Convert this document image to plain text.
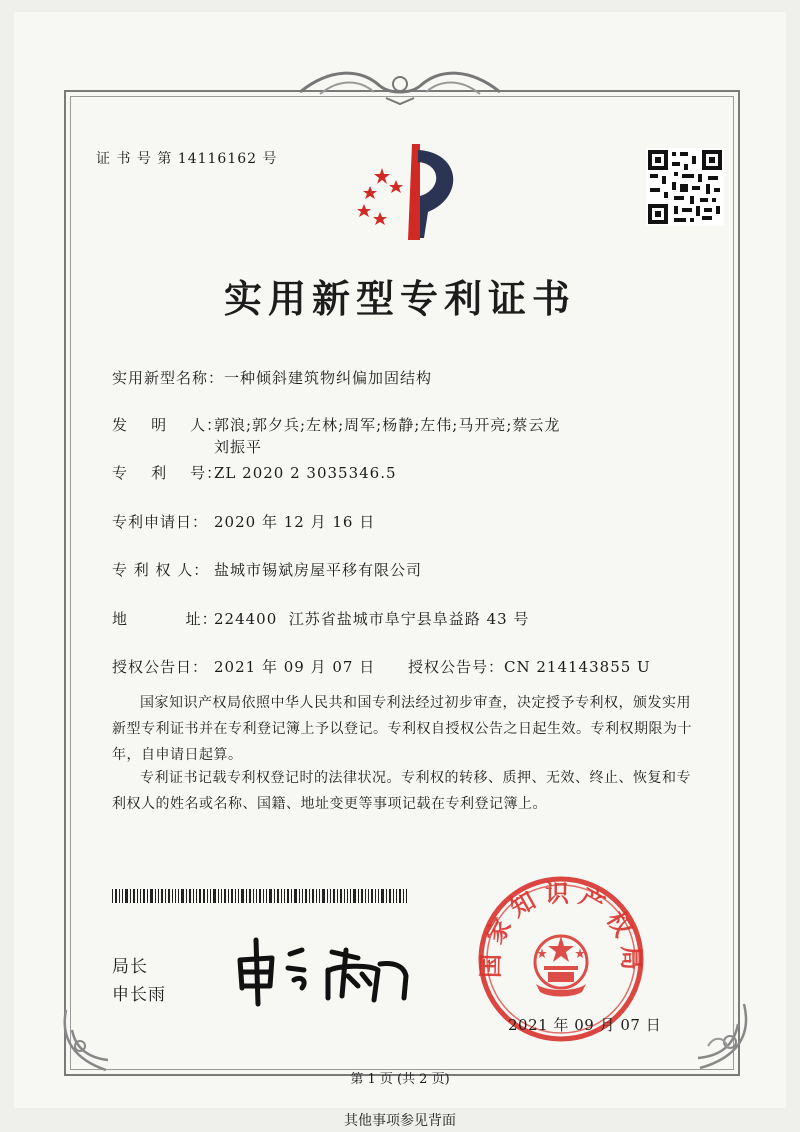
证 书 号 第 14116162 号
实用新型专利证书
实用新型名称：一种倾斜建筑物纠偏加固结构
发    明    人：郭浪;郭夕兵;左林;周军;杨静;左伟;马开亮;蔡云龙
刘振平
专    利    号：ZL 2020 2 3035346.5
专利申请日： 2020 年 12 月 16 日
专 利 权 人： 盐城市锡斌房屋平移有限公司
地          址：224400  江苏省盐城市阜宁县阜益路 43 号
授权公告日： 2021 年 09 月 07 日 授权公告号：CN 214143855 U
国家知识产权局依照中华人民共和国专利法经过初步审查，决定授予专利权，颁发实用新型专利证书并在专利登记簿上予以登记。专利权自授权公告之日起生效。专利权期限为十年，自申请日起算。
专利证书记载专利权登记时的法律状况。专利权的转移、质押、无效、终止、恢复和专利权人的姓名或名称、国籍、地址变更等事项记载在专利登记簿上。
局长
申长雨
国家知识产权局
2021 年 09 月 07 日
第 1 页 (共 2 页)
其他事项参见背面
